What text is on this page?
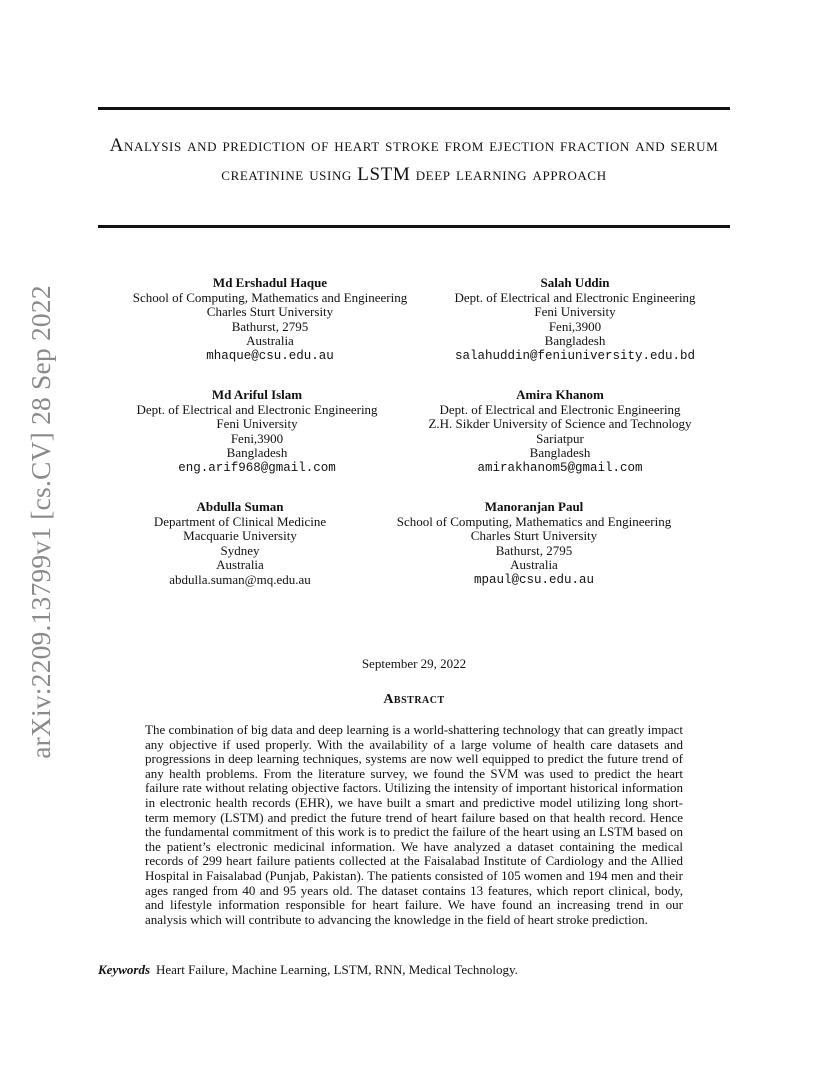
Analysis and prediction of heart stroke from ejection fraction and serum creatinine using LSTM deep learning approach
arXiv:2209.13799v1 [cs.CV] 28 Sep 2022
Md Ershadul Haque
School of Computing, Mathematics and Engineering
Charles Sturt University
Bathurst, 2795
Australia
mhaque@csu.edu.au
Salah Uddin
Dept. of Electrical and Electronic Engineering
Feni University
Feni,3900
Bangladesh
salahuddin@feniuniversity.edu.bd
Md Ariful Islam
Dept. of Electrical and Electronic Engineering
Feni University
Feni,3900
Bangladesh
eng.arif968@gmail.com
Amira Khanom
Dept. of Electrical and Electronic Engineering
Z.H. Sikder University of Science and Technology
Sariatpur
Bangladesh
amirakhanom5@gmail.com
Abdulla Suman
Department of Clinical Medicine
Macquarie University
Sydney
Australia
abdulla.suman@mq.edu.au
Manoranjan Paul
School of Computing, Mathematics and Engineering
Charles Sturt University
Bathurst, 2795
Australia
mpaul@csu.edu.au
September 29, 2022
Abstract
The combination of big data and deep learning is a world-shattering technology that can greatly impact any objective if used properly. With the availability of a large volume of health care datasets and progressions in deep learning techniques, systems are now well equipped to predict the future trend of any health problems. From the literature survey, we found the SVM was used to predict the heart failure rate without relating objective factors. Utilizing the intensity of important historical information in electronic health records (EHR), we have built a smart and predictive model utilizing long short-term memory (LSTM) and predict the future trend of heart failure based on that health record. Hence the fundamental commitment of this work is to predict the failure of the heart using an LSTM based on the patient’s electronic medicinal information. We have analyzed a dataset containing the medical records of 299 heart failure patients collected at the Faisalabad Institute of Cardiology and the Allied Hospital in Faisalabad (Punjab, Pakistan). The patients consisted of 105 women and 194 men and their ages ranged from 40 and 95 years old. The dataset contains 13 features, which report clinical, body, and lifestyle information responsible for heart failure. We have found an increasing trend in our analysis which will contribute to advancing the knowledge in the field of heart stroke prediction.
Keywords Heart Failure, Machine Learning, LSTM, RNN, Medical Technology.
